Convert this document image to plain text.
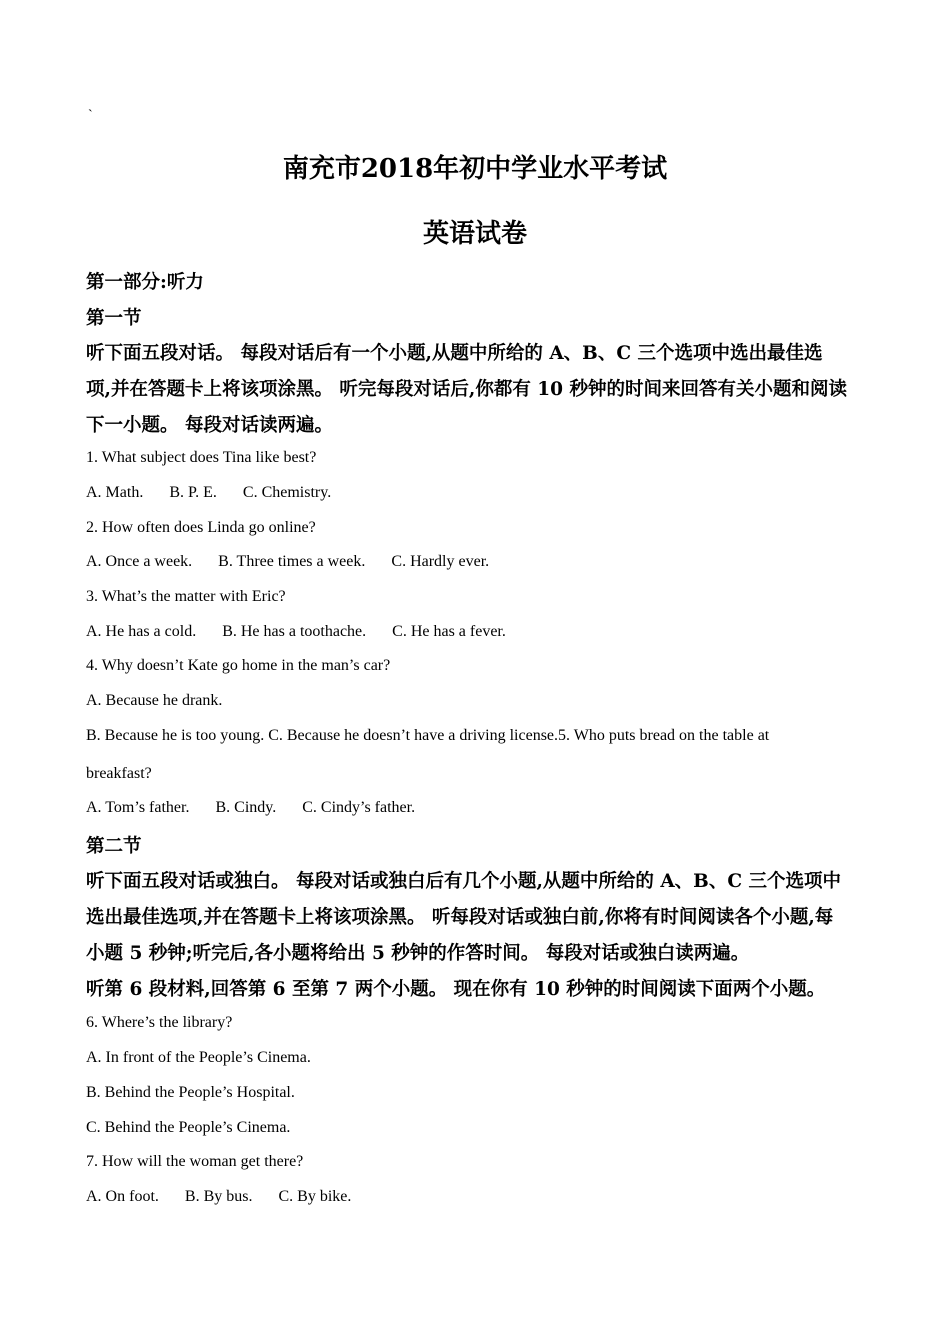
`
南充市2018年初中学业水平考试
英语试卷
第一部分:听力
第一节
听下面五段对话。 每段对话后有一个小题,从题中所给的 A、B、C 三个选项中选出最佳选
项,并在答题卡上将该项涂黑。 听完每段对话后,你都有 10 秒钟的时间来回答有关小题和阅读
下一小题。 每段对话读两遍。
1. What subject does Tina like best?
A. Math. B. P. E. C. Chemistry.
2. How often does Linda go online?
A. Once a week. B. Three times a week. C. Hardly ever.
3. What’s the matter with Eric?
A. He has a cold. B. He has a toothache. C. He has a fever.
4. Why doesn’t Kate go home in the man’s car?
A. Because he drank.
B. Because he is too young. C. Because he doesn’t have a driving license.5. Who puts bread on the table at
breakfast?
A. Tom’s father. B. Cindy. C. Cindy’s father.
第二节
听下面五段对话或独白。 每段对话或独白后有几个小题,从题中所给的 A、B、C 三个选项中
选出最佳选项,并在答题卡上将该项涂黑。 听每段对话或独白前,你将有时间阅读各个小题,每
小题 5 秒钟;听完后,各小题将给出 5 秒钟的作答时间。 每段对话或独白读两遍。
听第 6 段材料,回答第 6 至第 7 两个小题。 现在你有 10 秒钟的时间阅读下面两个小题。
6. Where’s the library?
A. In front of the People’s Cinema.
B. Behind the People’s Hospital.
C. Behind the People’s Cinema.
7. How will the woman get there?
A. On foot. B. By bus. C. By bike.
